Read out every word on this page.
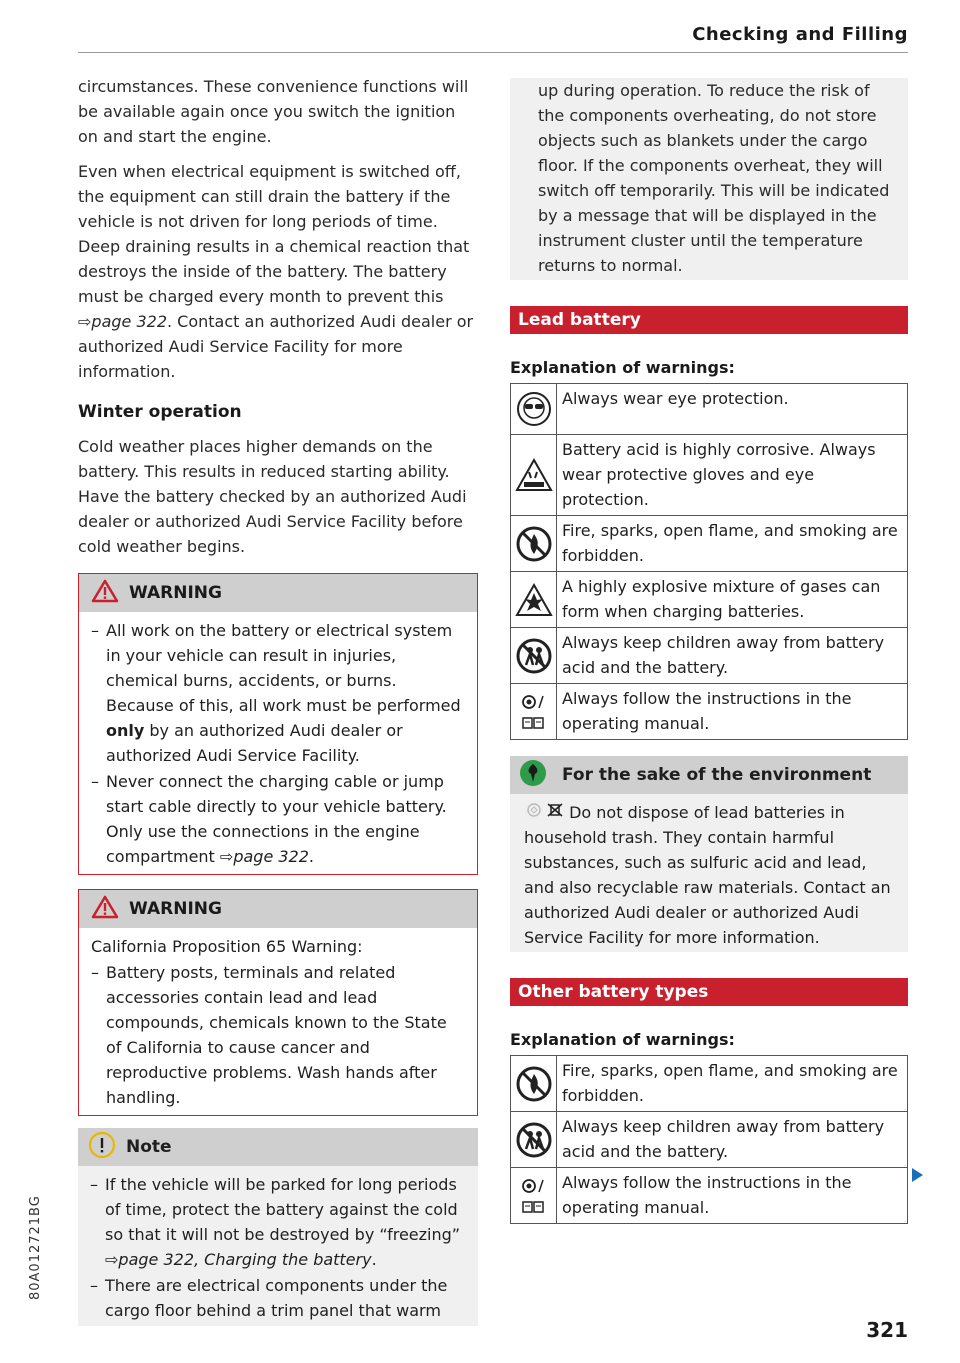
Checking and Filling

circumstances. These convenience functions will be available again once you switch the ignition on and start the engine.

Even when electrical equipment is switched off, the equipment can still drain the battery if the vehicle is not driven for long periods of time. Deep draining results in a chemical reaction that destroys the inside of the battery. The battery must be charged every month to prevent this ⇨page 322. Contact an authorized Audi dealer or authorized Audi Service Facility for more information.

Winter operation

Cold weather places higher demands on the battery. This results in reduced starting ability. Have the battery checked by an authorized Audi dealer or authorized Audi Service Facility before cold weather begins.

WARNING
– All work on the battery or electrical system in your vehicle can result in injuries, chemical burns, accidents, or burns. Because of this, all work must be performed only by an authorized Audi dealer or authorized Audi Service Facility.
– Never connect the charging cable or jump start cable directly to your vehicle battery. Only use the connections in the engine compartment ⇨page 322.
WARNING

California Proposition 65 Warning:

– Battery posts, terminals and related accessories contain lead and lead compounds, chemicals known to the State of California to cause cancer and reproductive problems. Wash hands after handling.
Note
– If the vehicle will be parked for long periods of time, protect the battery against the cold so that it will not be destroyed by “freezing” ⇨page 322, Charging the battery.
– There are electrical components under the cargo floor behind a trim panel that warm

up during operation. To reduce the risk of the components overheating, do not store objects such as blankets under the cargo floor. If the components overheat, they will switch off temporarily. This will be indicated by a message that will be displayed in the instrument cluster until the temperature returns to normal.

Lead battery
Explanation of warnings:
	Always wear eye protection.

	Battery acid is highly corrosive. Always wear protective gloves and eye protection.

	Fire, sparks, open flame, and smoking are forbidden.

	A highly explosive mixture of gases can form when charging batteries.

	Always keep children away from battery acid and the battery.

	Always follow the instructions in the operating manual.
For the sake of the environment

Do not dispose of lead batteries in household trash. They contain harmful substances, such as sulfuric acid and lead, and also recyclable raw materials. Contact an authorized Audi dealer or authorized Audi Service Facility for more information.

Other battery types
Explanation of warnings:
	Fire, sparks, open flame, and smoking are forbidden.

	Always keep children away from battery acid and the battery.

	Always follow the instructions in the operating manual.
321
80A012721BG
